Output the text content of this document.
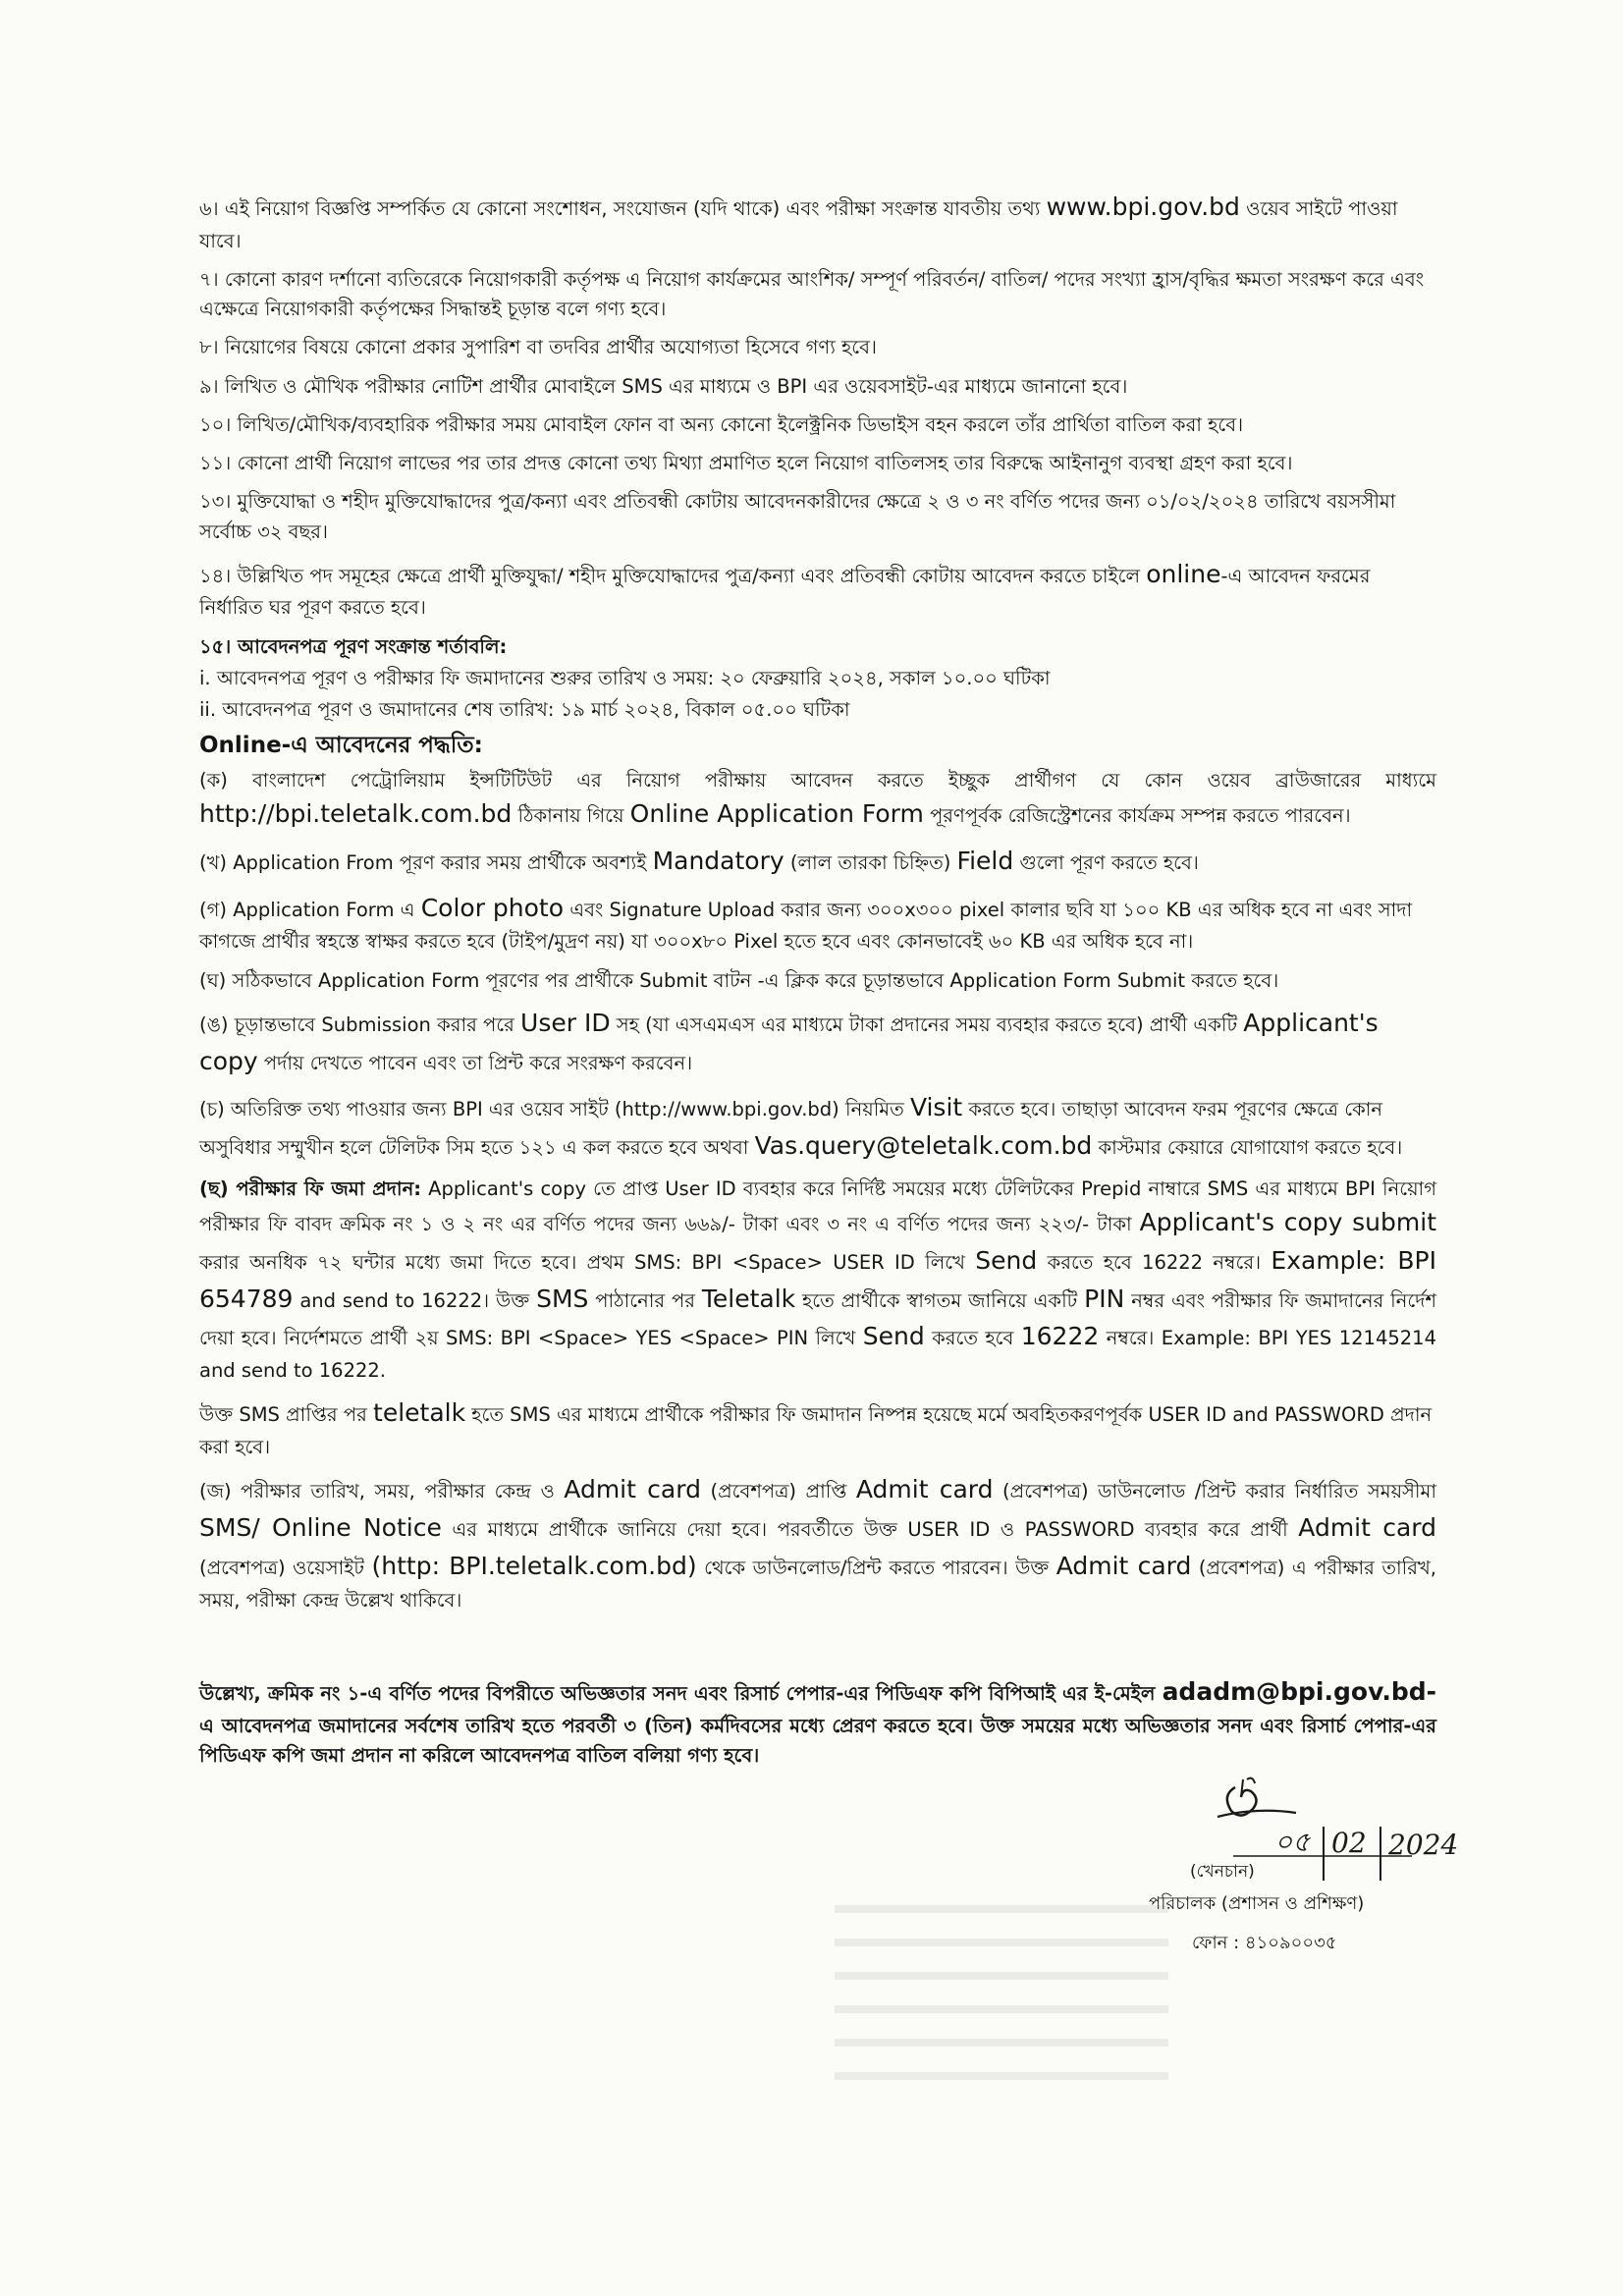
৬। এই নিয়োগ বিজ্ঞপ্তি সম্পর্কিত যে কোনো সংশোধন, সংযোজন (যদি থাকে) এবং পরীক্ষা সংক্রান্ত যাবতীয় তথ্য www.bpi.gov.bd ওয়েব সাইটে পাওয়া যাবে।

৭। কোনো কারণ দর্শানো ব্যতিরেকে নিয়োগকারী কর্তৃপক্ষ এ নিয়োগ কার্যক্রমের আংশিক/ সম্পূর্ণ পরিবর্তন/ বাতিল/ পদের সংখ্যা হ্রাস/বৃদ্ধির ক্ষমতা সংরক্ষণ করে এবং এক্ষেত্রে নিয়োগকারী কর্তৃপক্ষের সিদ্ধান্তই চূড়ান্ত বলে গণ্য হবে।

৮। নিয়োগের বিষয়ে কোনো প্রকার সুপারিশ বা তদবির প্রার্থীর অযোগ্যতা হিসেবে গণ্য হবে।

৯। লিখিত ও মৌখিক পরীক্ষার নোটিশ প্রার্থীর মোবাইলে SMS এর মাধ্যমে ও BPI এর ওয়েবসাইট-এর মাধ্যমে জানানো হবে।

১০। লিখিত/মৌখিক/ব্যবহারিক পরীক্ষার সময় মোবাইল ফোন বা অন্য কোনো ইলেক্ট্রনিক ডিভাইস বহন করলে তাঁর প্রার্থিতা বাতিল করা হবে।

১১। কোনো প্রার্থী নিয়োগ লাভের পর তার প্রদত্ত কোনো তথ্য মিথ্যা প্রমাণিত হলে নিয়োগ বাতিলসহ তার বিরুদ্ধে আইনানুগ ব্যবস্থা গ্রহণ করা হবে।

১৩। মুক্তিযোদ্ধা ও শহীদ মুক্তিযোদ্ধাদের পুত্র/কন্যা এবং প্রতিবন্ধী কোটায় আবেদনকারীদের ক্ষেত্রে ২ ও ৩ নং বর্ণিত পদের জন্য ০১/০২/২০২৪ তারিখে বয়সসীমা সর্বোচ্চ ৩২ বছর।

১৪। উল্লিখিত পদ সমূহের ক্ষেত্রে প্রার্থী মুক্তিযুদ্ধা/ শহীদ মুক্তিযোদ্ধাদের পুত্র/কন্যা এবং প্রতিবন্ধী কোটায় আবেদন করতে চাইলে online-এ আবেদন ফরমের নির্ধারিত ঘর পূরণ করতে হবে।

১৫। আবেদনপত্র পূরণ সংক্রান্ত শর্তাবলি:

i. আবেদনপত্র পূরণ ও পরীক্ষার ফি জমাদানের শুরুর তারিখ ও সময়: ২০ ফেব্রুয়ারি ২০২৪, সকাল ১০.০০ ঘটিকা

ii. আবেদনপত্র পূরণ ও জমাদানের শেষ তারিখ: ১৯ মার্চ ২০২৪, বিকাল ০৫.০০ ঘটিকা

Online-এ আবেদনের পদ্ধতি:

(ক) বাংলাদেশ পেট্রোলিয়াম ইন্সটিটিউট এর নিয়োগ পরীক্ষায় আবেদন করতে ইচ্ছুক প্রার্থীগণ যে কোন ওয়েব ব্রাউজারের মাধ্যমে http://bpi.teletalk.com.bd ঠিকানায় গিয়ে Online Application Form পূরণপূর্বক রেজিস্ট্রেশনের কার্যক্রম সম্পন্ন করতে পারবেন।

(খ) Application From পূরণ করার সময় প্রার্থীকে অবশ্যই Mandatory (লাল তারকা চিহ্নিত) Field গুলো পূরণ করতে হবে।

(গ) Application Form এ Color photo এবং Signature Upload করার জন্য ৩০০x৩০০ pixel কালার ছবি যা ১০০ KB এর অধিক হবে না এবং সাদা কাগজে প্রার্থীর স্বহস্তে স্বাক্ষর করতে হবে (টাইপ/মুদ্রণ নয়) যা ৩০০x৮০ Pixel হতে হবে এবং কোনভাবেই ৬০ KB এর অধিক হবে না।

(ঘ) সঠিকভাবে Application Form পূরণের পর প্রার্থীকে Submit বাটন -এ ক্লিক করে চূড়ান্তভাবে Application Form Submit করতে হবে।

(ঙ) চূড়ান্তভাবে Submission করার পরে User ID সহ (যা এসএমএস এর মাধ্যমে টাকা প্রদানের সময় ব্যবহার করতে হবে) প্রার্থী একটি Applicant's copy পর্দায় দেখতে পাবেন এবং তা প্রিন্ট করে সংরক্ষণ করবেন।

(চ) অতিরিক্ত তথ্য পাওয়ার জন্য BPI এর ওয়েব সাইট (http://www.bpi.gov.bd) নিয়মিত Visit করতে হবে। তাছাড়া আবেদন ফরম পূরণের ক্ষেত্রে কোন অসুবিধার সম্মুখীন হলে টেলিটক সিম হতে ১২১ এ কল করতে হবে অথবা Vas.query@teletalk.com.bd কাস্টমার কেয়ারে যোগাযোগ করতে হবে।

(ছ) পরীক্ষার ফি জমা প্রদান: Applicant's copy তে প্রাপ্ত User ID ব্যবহার করে নির্দিষ্ট সময়ের মধ্যে টেলিটকের Prepid নাম্বারে SMS এর মাধ্যমে BPI নিয়োগ পরীক্ষার ফি বাবদ ক্রমিক নং ১ ও ২ নং এর বর্ণিত পদের জন্য ৬৬৯/- টাকা এবং ৩ নং এ বর্ণিত পদের জন্য ২২৩/- টাকা Applicant's copy submit করার অনধিক ৭২ ঘন্টার মধ্যে জমা দিতে হবে। প্রথম SMS: BPI <Space> USER ID লিখে Send করতে হবে 16222 নম্বরে। Example: BPI 654789 and send to 16222। উক্ত SMS পাঠানোর পর Teletalk হতে প্রার্থীকে স্বাগতম জানিয়ে একটি PIN নম্বর এবং পরীক্ষার ফি জমাদানের নির্দেশ দেয়া হবে। নির্দেশমতে প্রার্থী ২য় SMS: BPI <Space> YES <Space> PIN লিখে Send করতে হবে 16222 নম্বরে। Example: BPI YES 12145214 and send to 16222.

উক্ত SMS প্রাপ্তির পর teletalk হতে SMS এর মাধ্যমে প্রার্থীকে পরীক্ষার ফি জমাদান নিষ্পন্ন হয়েছে মর্মে অবহিতকরণপূর্বক USER ID and PASSWORD প্রদান করা হবে।

(জ) পরীক্ষার তারিখ, সময়, পরীক্ষার কেন্দ্র ও Admit card (প্রবেশপত্র) প্রাপ্তি Admit card (প্রবেশপত্র) ডাউনলোড /প্রিন্ট করার নির্ধারিত সময়সীমা SMS/ Online Notice এর মাধ্যমে প্রার্থীকে জানিয়ে দেয়া হবে। পরবর্তীতে উক্ত USER ID ও PASSWORD ব্যবহার করে প্রার্থী Admit card (প্রবেশপত্র) ওয়েসাইট (http: BPI.teletalk.com.bd) থেকে ডাউনলোড/প্রিন্ট করতে পারবেন। উক্ত Admit card (প্রবেশপত্র) এ পরীক্ষার তারিখ, সময়, পরীক্ষা কেন্দ্র উল্লেখ থাকিবে।

উল্লেখ্য, ক্রমিক নং ১-এ বর্ণিত পদের বিপরীতে অভিজ্ঞতার সনদ এবং রিসার্চ পেপার-এর পিডিএফ কপি বিপিআই এর ই-মেইল adadm@bpi.gov.bd-এ আবেদনপত্র জমাদানের সর্বশেষ তারিখ হতে পরবর্তী ৩ (তিন) কর্মদিবসের মধ্যে প্রেরণ করতে হবে। উক্ত সময়ের মধ্যে অভিজ্ঞতার সনদ এবং রিসার্চ পেপার-এর পিডিএফ কপি জমা প্রদান না করিলে আবেদনপত্র বাতিল বলিয়া গণ্য হবে।

০৫ 02 2024
(খেনচান)
পরিচালক (প্রশাসন ও প্রশিক্ষণ)
ফোন : ৪১০৯০০৩৫
